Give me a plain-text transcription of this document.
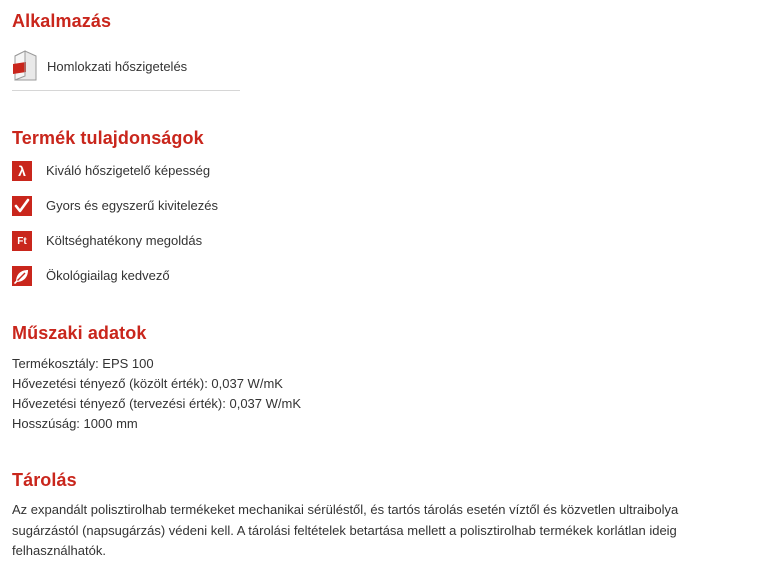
Alkalmazás
Homlokzati hőszigetelés
Termék tulajdonságok
λ	Kiváló hőszigetelő képesség
Gyors és egyszerű kivitelezés
Ft	Költséghatékony megoldás
Ökológiailag kedvező
Műszaki adatok
Termékosztály: EPS 100
Hővezetési tényező (közölt érték): 0,037 W/mK
Hővezetési tényező (tervezési érték): 0,037 W/mK
Hosszúság: 1000 mm
Tárolás

Az expandált polisztirolhab termékeket mechanikai sérüléstől, és tartós tárolás esetén víztől és közvetlen ultraibolya sugárzástól (napsugárzás) védeni kell. A tárolási feltételek betartása mellett a polisztirolhab termékek korlátlan ideig felhasználhatók.
